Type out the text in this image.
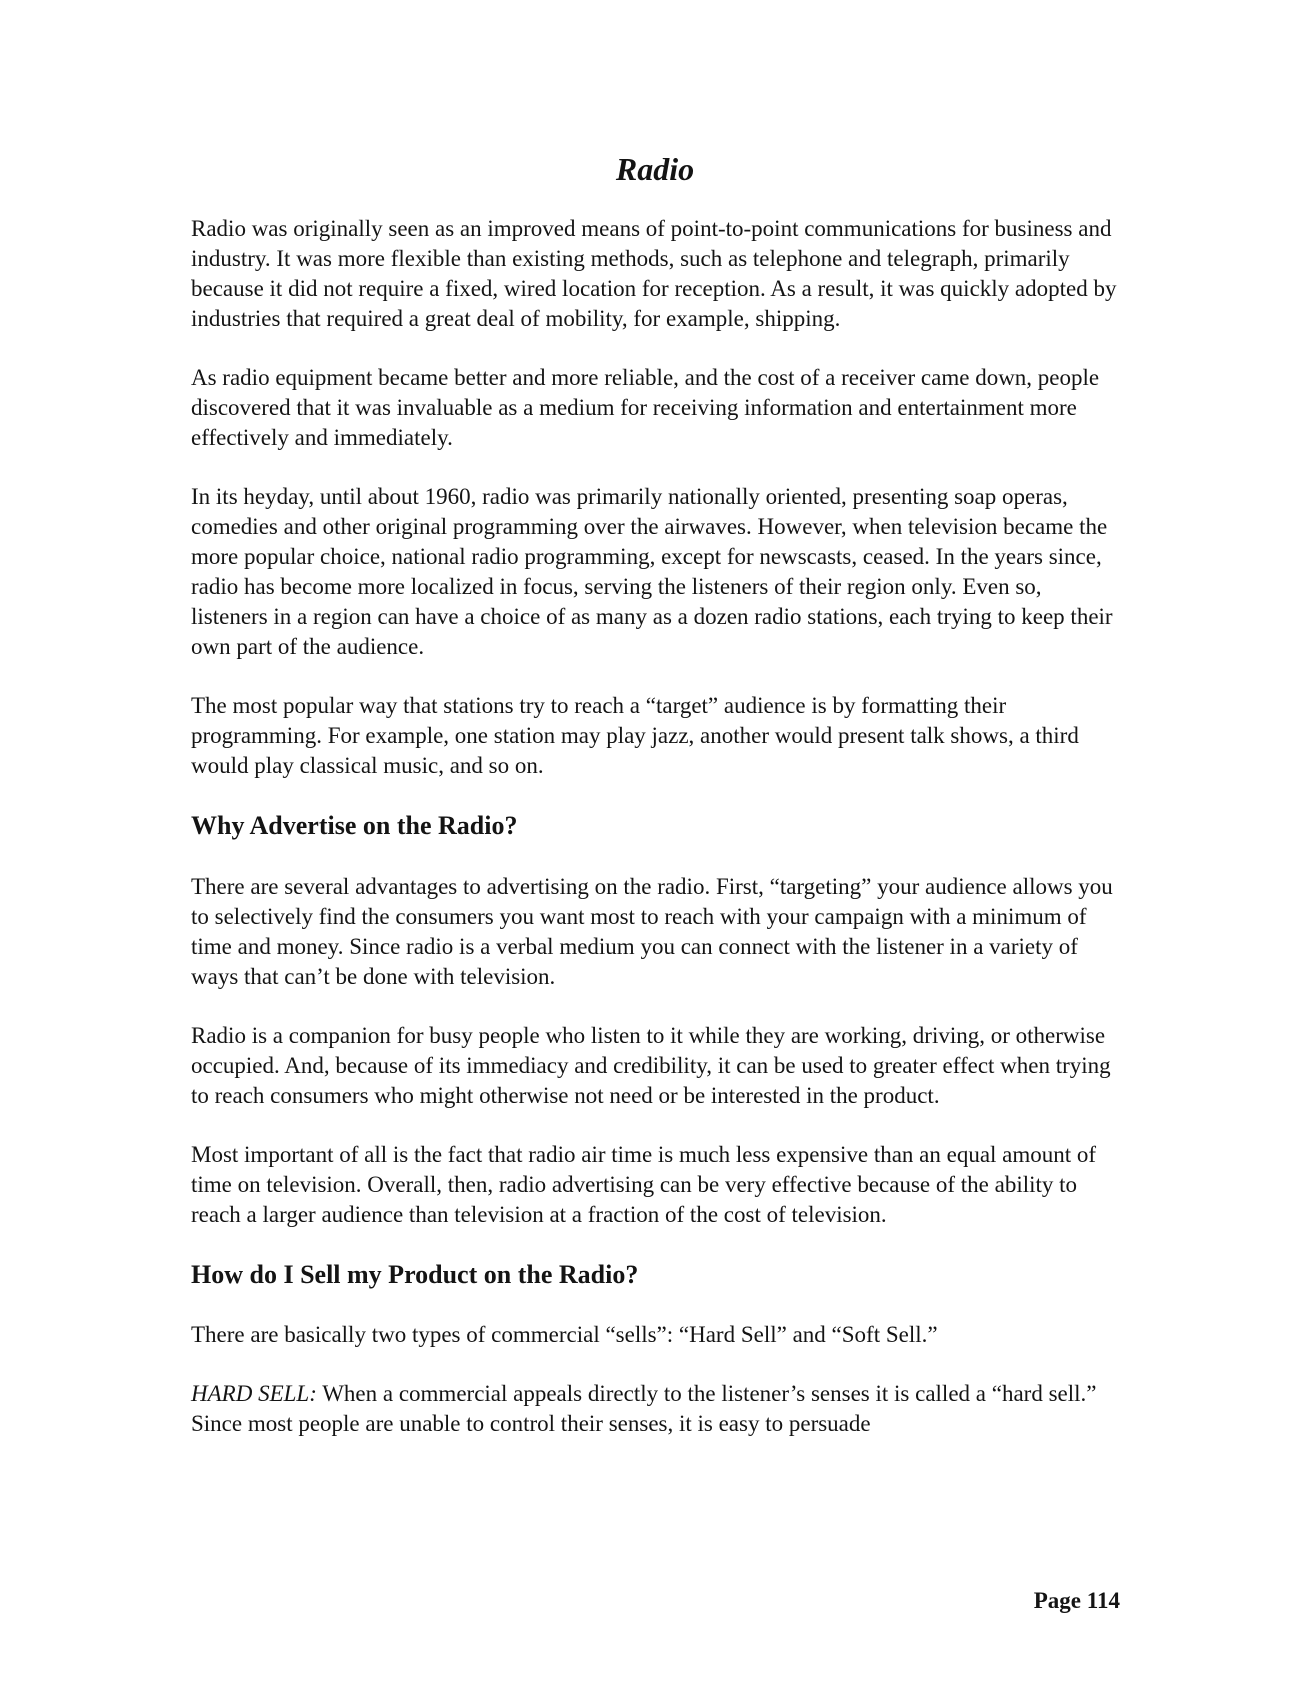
Radio

Radio was originally seen as an improved means of point-to-point communications for business and industry. It was more flexible than existing methods, such as telephone and telegraph, primarily because it did not require a fixed, wired location for reception. As a result, it was quickly adopted by industries that required a great deal of mobility, for example, shipping.

As radio equipment became better and more reliable, and the cost of a receiver came down, people discovered that it was invaluable as a medium for receiving information and entertainment more effectively and immediately.

In its heyday, until about 1960, radio was primarily nationally oriented, presenting soap operas, comedies and other original programming over the airwaves. However, when television became the more popular choice, national radio programming, except for newscasts, ceased. In the years since, radio has become more localized in focus, serving the listeners of their region only. Even so, listeners in a region can have a choice of as many as a dozen radio stations, each trying to keep their own part of the audience.

The most popular way that stations try to reach a “target” audience is by formatting their programming. For example, one station may play jazz, another would present talk shows, a third would play classical music, and so on.

Why Advertise on the Radio?

There are several advantages to advertising on the radio. First, “targeting” your audience allows you to selectively find the consumers you want most to reach with your campaign with a minimum of time and money. Since radio is a verbal medium you can connect with the listener in a variety of ways that can’t be done with television.

Radio is a companion for busy people who listen to it while they are working, driving, or otherwise occupied. And, because of its immediacy and credibility, it can be used to greater effect when trying to reach consumers who might otherwise not need or be interested in the product.

Most important of all is the fact that radio air time is much less expensive than an equal amount of time on television. Overall, then, radio advertising can be very effective because of the ability to reach a larger audience than television at a fraction of the cost of television.

How do I Sell my Product on the Radio?

There are basically two types of commercial “sells”: “Hard Sell” and “Soft Sell.”

HARD SELL: When a commercial appeals directly to the listener’s senses it is called a “hard sell.” Since most people are unable to control their senses, it is easy to persuade

Page 114
